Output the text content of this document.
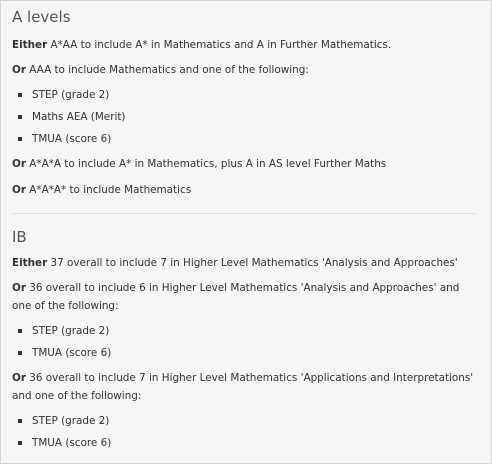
A levels

Either A*AA to include A* in Mathematics and A in Further Mathematics.

Or AAA to include Mathematics and one of the following:

STEP (grade 2)
Maths AEA (Merit)
TMUA (score 6)

Or A*A*A to include A* in Mathematics, plus A in AS level Further Maths

Or A*A*A* to include Mathematics

IB

Either 37 overall to include 7 in Higher Level Mathematics 'Analysis and Approaches'

Or 36 overall to include 6 in Higher Level Mathematics 'Analysis and Approaches' and one of the following:

STEP (grade 2)
TMUA (score 6)

Or 36 overall to include 7 in Higher Level Mathematics 'Applications and Interpretations' and one of the following:

STEP (grade 2)
TMUA (score 6)
